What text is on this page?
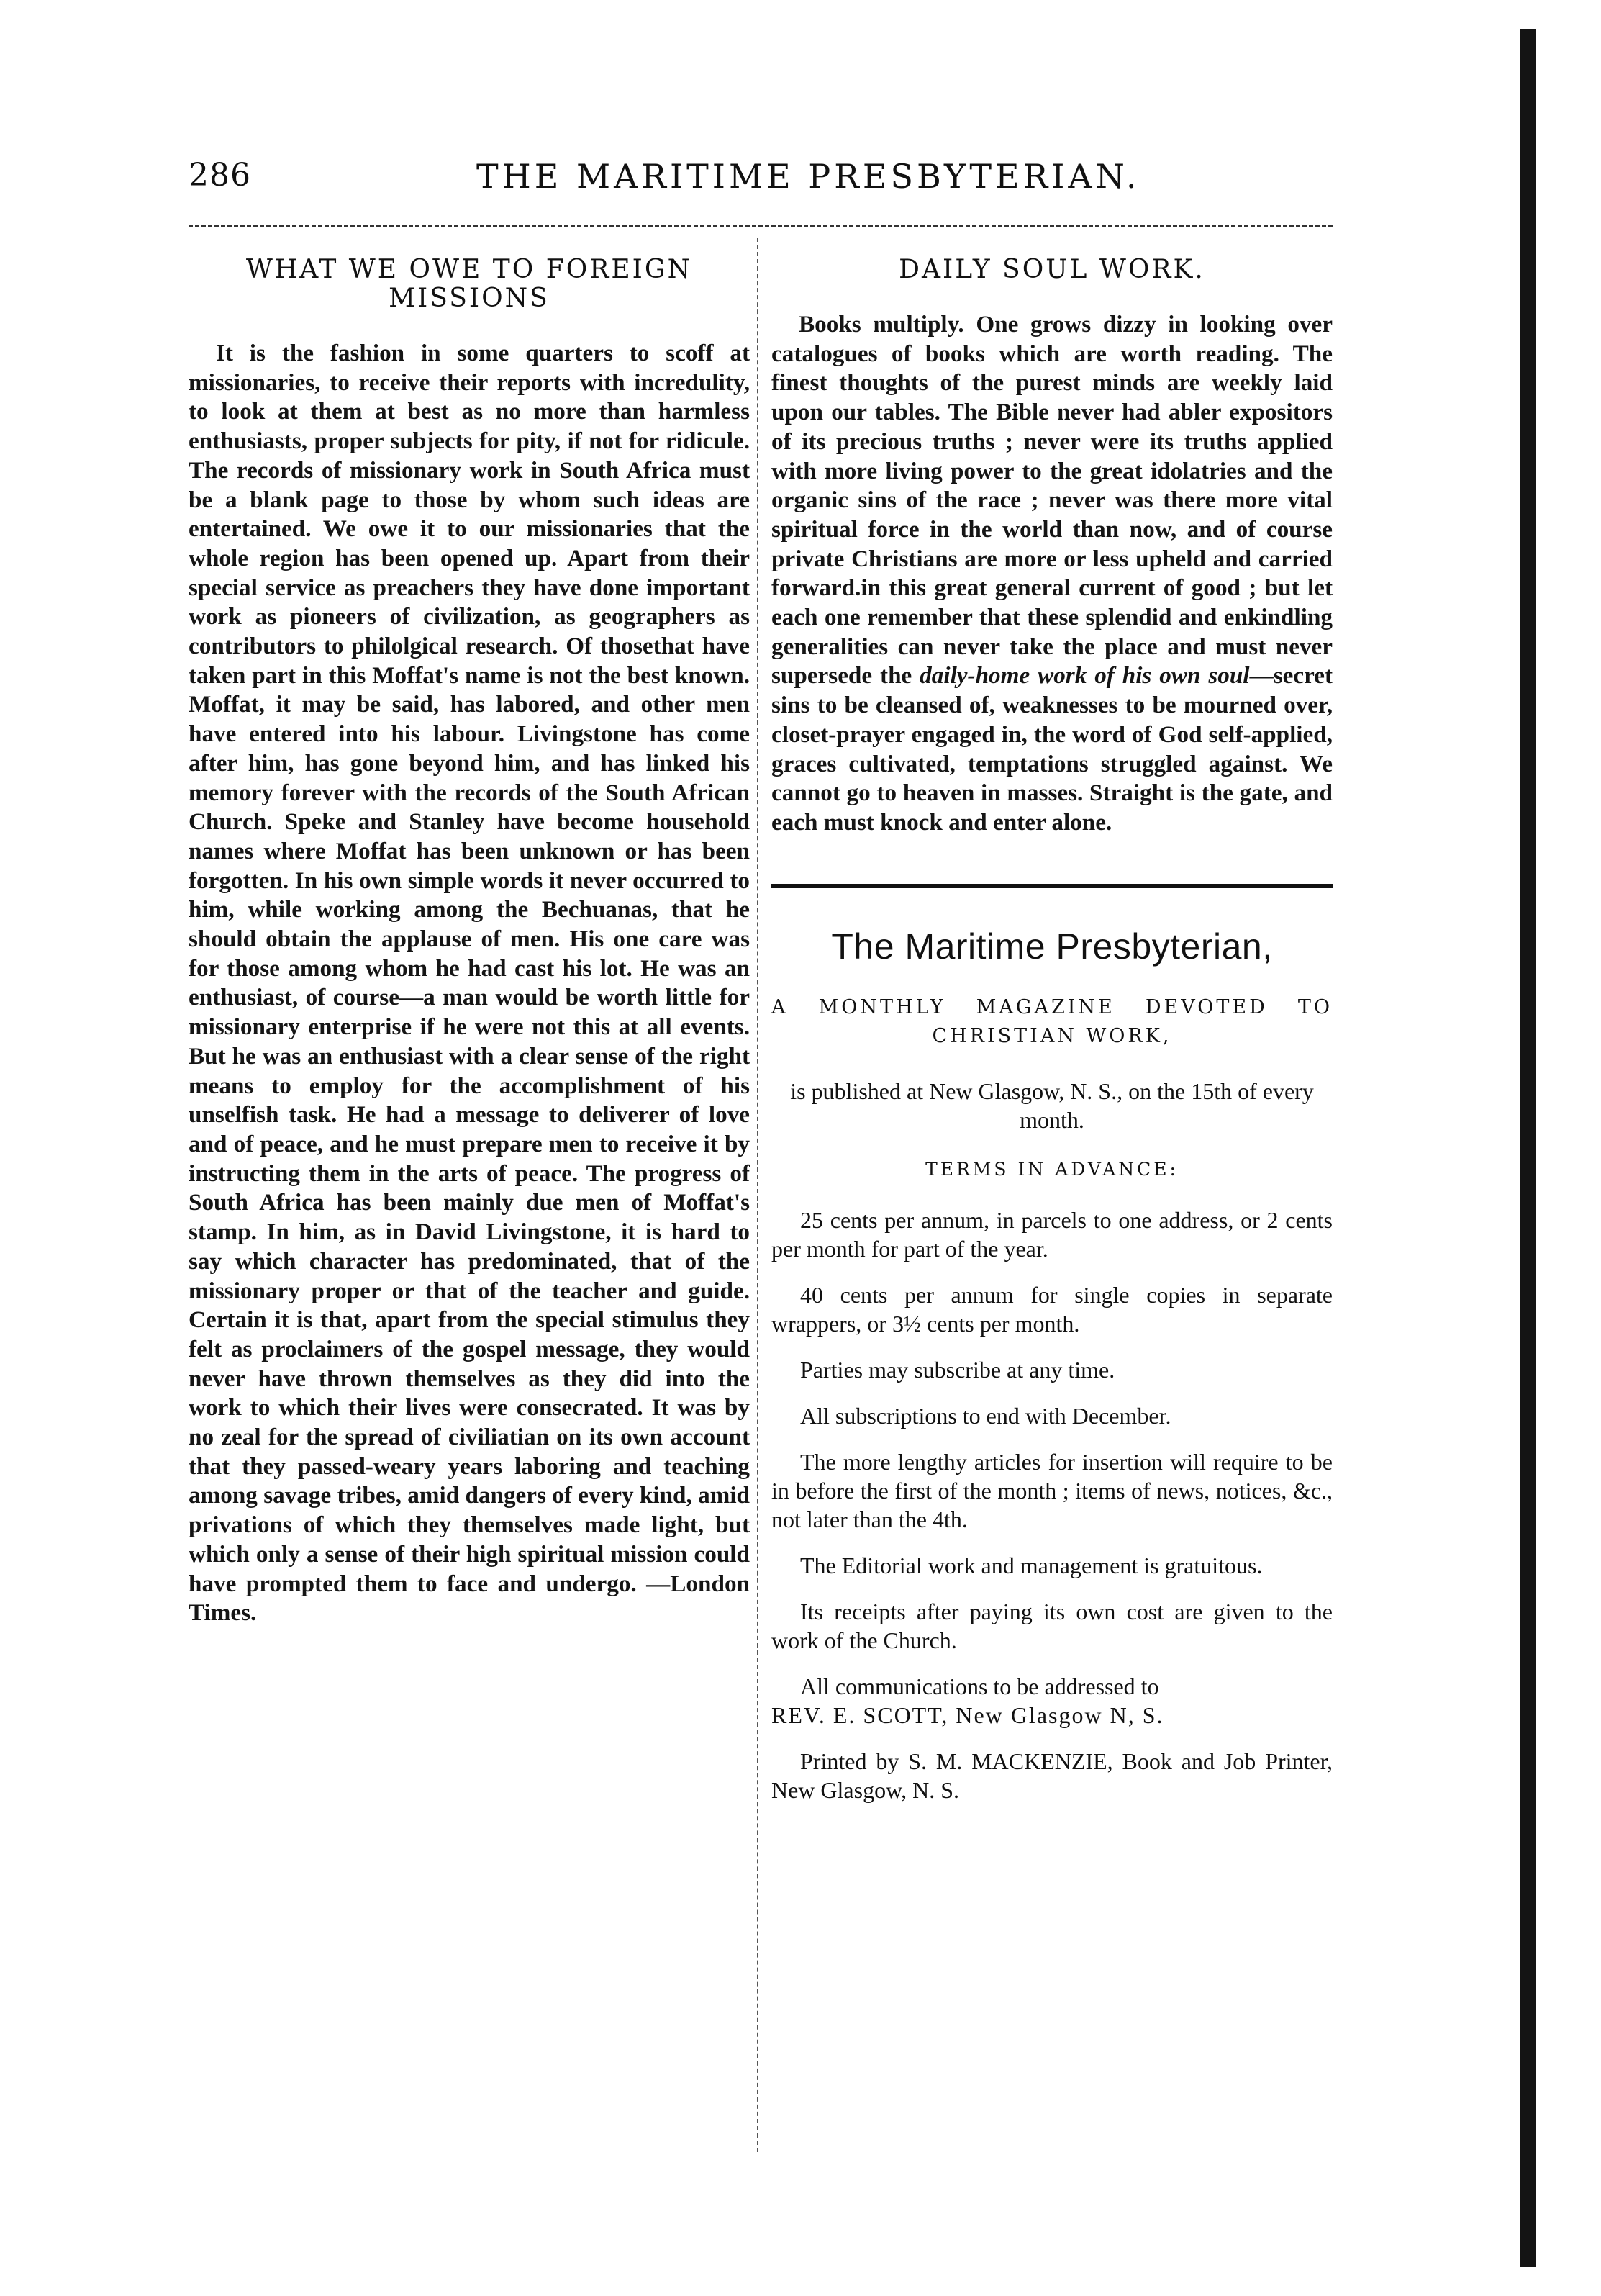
286	THE MARITIME PRESBYTERIAN.
WHAT WE OWE TO FOREIGN MISSIONS

It is the fashion in some quarters to scoff at missionaries, to receive their reports with incredulity, to look at them at best as no more than harmless enthusiasts, proper subjects for pity, if not for ridicule. The records of missionary work in South Africa must be a blank page to those by whom such ideas are entertained. We owe it to our missionaries that the whole region has been opened up. Apart from their special service as preachers they have done important work as pioneers of civilization, as geographers as contributors to philolgical research. Of thosethat have taken part in this Moffat's name is not the best known. Moffat, it may be said, has labored, and other men have entered into his labour. Livingstone has come after him, has gone beyond him, and has linked his memory forever with the records of the South African Church. Speke and Stanley have become household names where Moffat has been unknown or has been forgotten. In his own simple words it never occurred to him, while working among the Bechuanas, that he should obtain the applause of men. His one care was for those among whom he had cast his lot. He was an enthusiast, of course—a man would be worth little for missionary enterprise if he were not this at all events. But he was an enthusiast with a clear sense of the right means to employ for the accomplishment of his unselfish task. He had a message to deliverer of love and of peace, and he must prepare men to receive it by instructing them in the arts of peace. The progress of South Africa has been mainly due men of Moffat's stamp. In him, as in David Livingstone, it is hard to say which character has predominated, that of the missionary proper or that of the teacher and guide. Certain it is that, apart from the special stimulus they felt as proclaimers of the gospel message, they would never have thrown themselves as they did into the work to which their lives were consecrated. It was by no zeal for the spread of civiliatian on its own account that they passed-weary years laboring and teaching among savage tribes, amid dangers of every kind, amid privations of which they themselves made light, but which only a sense of their high spiritual mission could have prompted them to face and undergo. —London Times.

DAILY SOUL WORK.

Books multiply. One grows dizzy in looking over catalogues of books which are worth reading. The finest thoughts of the purest minds are weekly laid upon our tables. The Bible never had abler expositors of its precious truths ; never were its truths applied with more living power to the great idolatries and the organic sins of the race ; never was there more vital spiritual force in the world than now, and of course private Christians are more or less upheld and carried forward.in this great general current of good ; but let each one remember that these splendid and enkindling generalities can never take the place and must never supersede the daily-home work of his own soul—secret sins to be cleansed of, weaknesses to be mourned over, closet-prayer engaged in, the word of God self-applied, graces cultivated, temptations struggled against. We cannot go to heaven in masses. Straight is the gate, and each must knock and enter alone.

The Maritime Presbyterian,
A MONTHLY MAGAZINE DEVOTED TO
CHRISTIAN WORK,

is published at New Glasgow, N. S., on the 15th of every month.

TERMS IN ADVANCE:

25 cents per annum, in parcels to one address, or 2 cents per month for part of the year.

40 cents per annum for single copies in separate wrappers, or 3½ cents per month.

Parties may subscribe at any time.

All subscriptions to end with December.

The more lengthy articles for insertion will require to be in before the first of the month ; items of news, notices, &c., not later than the 4th.

The Editorial work and management is gratuitous.

Its receipts after paying its own cost are given to the work of the Church.

All communications to be addressed to
REV. E. SCOTT, New Glasgow N, S.

Printed by S. M. MACKENZIE, Book and Job Printer, New Glasgow, N. S.
